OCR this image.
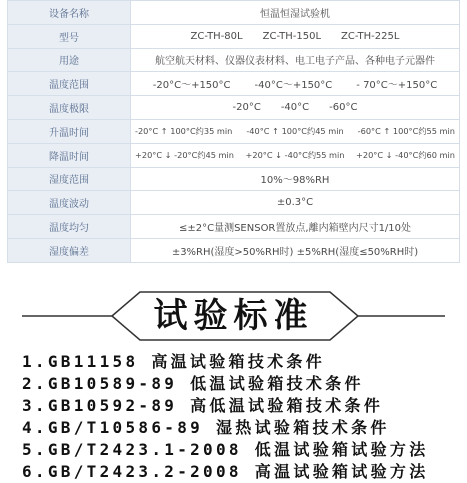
设备名称	恒温恒湿试验机
型号	ZC-TH-80L ZC-TH-150L ZC-TH-225L
用途	航空航天材料、仪器仪表材料、电工电子产品、各种电子元器件
温度范围	-20°C～+150°C -40°C～+150°C - 70°C～+150°C
温度极限	-20°C -40°C -60°C
升温时间	-20°C ↑ 100°C约35 min -40°C ↑ 100°C约45 min -60°C ↑ 100°C约55 min
降温时间	+20°C ↓ -20°C约45 min +20°C ↓ -40°C约55 min +20°C ↓ -40°C约60 min
湿度范围	10%～98%RH
温度波动	±0.3°C
温度均匀	≤±2°C量测SENSOR置放点,離内箱壁内尺寸1/10处
湿度偏差	±3%RH(湿度>50%RH时) ±5%RH(湿度≤50%RH时)
试验标准
1.GB11158 高温试验箱技术条件
2.GB10589-89 低温试验箱技术条件
3.GB10592-89 高低温试验箱技术条件
4.GB/T10586-89 湿热试验箱技术条件
5.GB/T2423.1-2008 低温试验箱试验方法
6.GB/T2423.2-2008 高温试验箱试验方法
